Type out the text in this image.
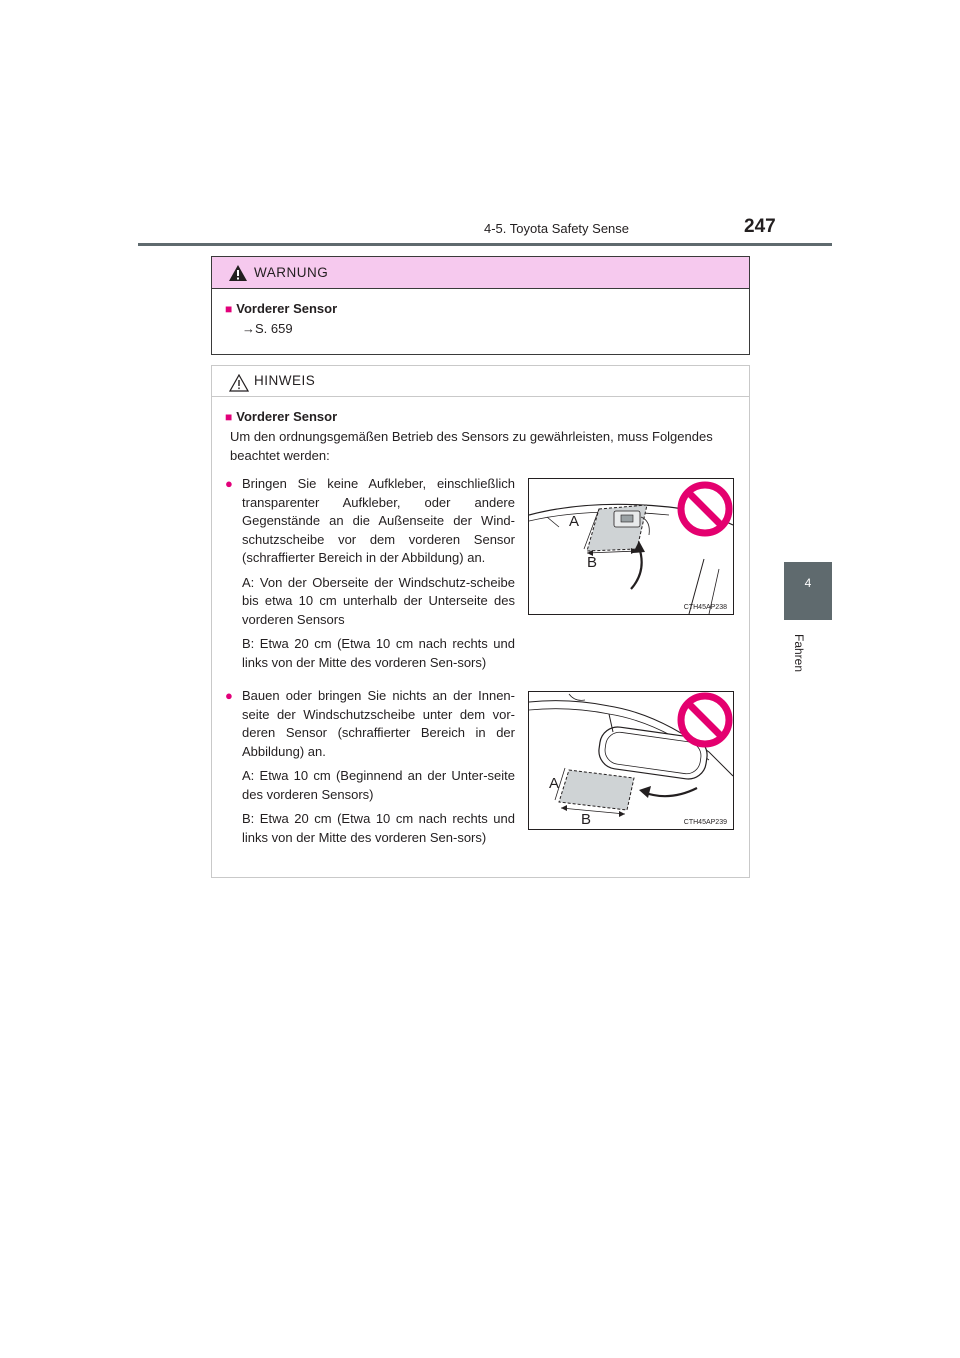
4-5. Toyota Safety Sense	247
4
Fahren
WARNUNG
■ Vorderer Sensor
→S. 659
HINWEIS
■ Vorderer Sensor
Um den ordnungsgemäßen Betrieb des Sensors zu gewährleisten, muss Folgendes beachtet werden:

● Bringen Sie keine Aufkleber, einschließlich transparenter Aufkleber, oder andere Gegenstände an die Außenseite der Wind-schutzscheibe vor dem vorderen Sensor (schraffierter Bereich in der Abbildung) an.

A: Von der Oberseite der Windschutz-scheibe bis etwa 10 cm unterhalb der Unterseite des vorderen Sensors

B: Etwa 20 cm (Etwa 10 cm nach rechts und links von der Mitte des vorderen Sen-sors)

A
B
CTH45AP238

● Bauen oder bringen Sie nichts an der Innen-seite der Windschutzscheibe unter dem vor-deren Sensor (schraffierter Bereich in der Abbildung) an.

A: Etwa 10 cm (Beginnend an der Unter-seite des vorderen Sensors)

B: Etwa 20 cm (Etwa 10 cm nach rechts und links von der Mitte des vorderen Sen-sors)

A
B	CTH45AP239
